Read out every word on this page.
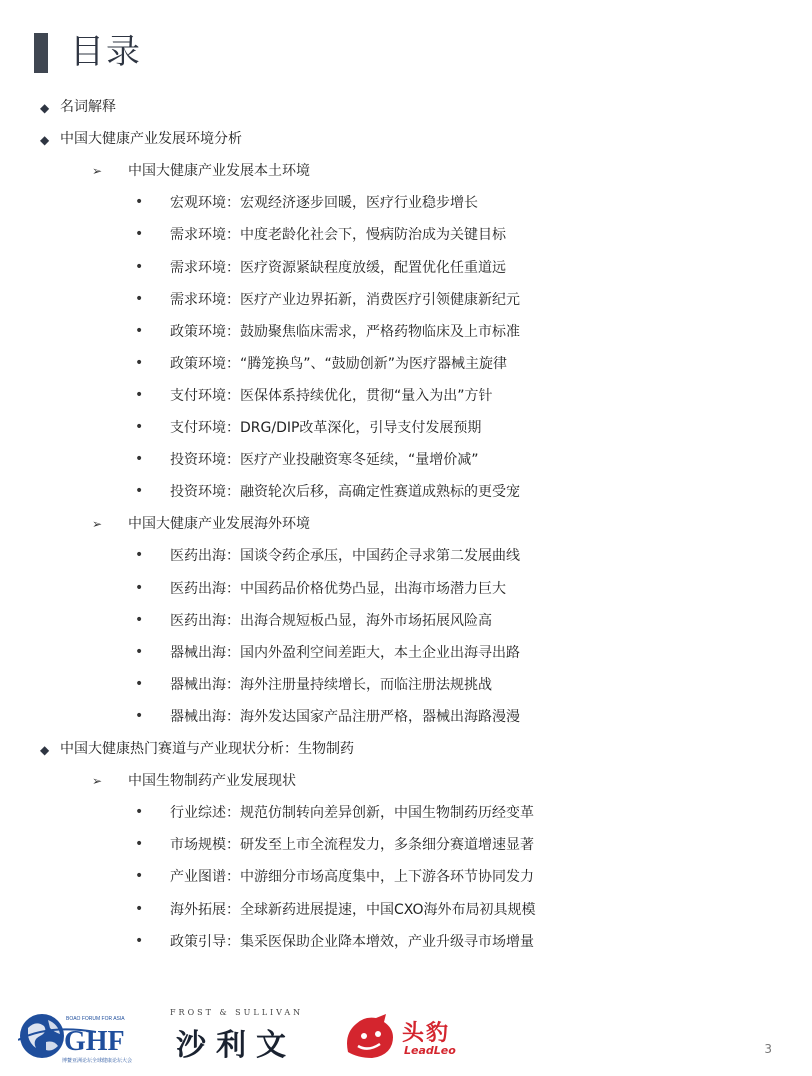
目录
◆ 名词解释
◆ 中国大健康产业发展环境分析
➢ 中国大健康产业发展本土环境
• 宏观环境：宏观经济逐步回暖，医疗行业稳步增长
• 需求环境：中度老龄化社会下，慢病防治成为关键目标
• 需求环境：医疗资源紧缺程度放缓，配置优化任重道远
• 需求环境：医疗产业边界拓新，消费医疗引领健康新纪元
• 政策环境：鼓励聚焦临床需求，严格药物临床及上市标准
• 政策环境：“腾笼换鸟”、“鼓励创新”为医疗器械主旋律
• 支付环境：医保体系持续优化，贯彻“量入为出”方针
• 支付环境：DRG/DIP改革深化，引导支付发展预期
• 投资环境：医疗产业投融资寒冬延续，“量增价减”
• 投资环境：融资轮次后移，高确定性赛道成熟标的更受宠
➢ 中国大健康产业发展海外环境
• 医药出海：国谈令药企承压，中国药企寻求第二发展曲线
• 医药出海：中国药品价格优势凸显，出海市场潜力巨大
• 医药出海：出海合规短板凸显，海外市场拓展风险高
• 器械出海：国内外盈利空间差距大，本土企业出海寻出路
• 器械出海：海外注册量持续增长，而临注册法规挑战
• 器械出海：海外发达国家产品注册严格，器械出海路漫漫
◆ 中国大健康热门赛道与产业现状分析：生物制药
➢ 中国生物制药产业发展现状
• 行业综述：规范仿制转向差异创新，中国生物制药历经变革
• 市场规模：研发至上市全流程发力，多条细分赛道增速显著
• 产业图谱：中游细分市场高度集中，上下游各环节协同发力
• 海外拓展：全球新药进展提速，中国CXO海外布局初具规模
• 政策引导：集采医保助企业降本增效，产业升级寻市场增量
BOAO FORUM FOR ASIA
GHF
博鳌亚洲论坛全球健康论坛大会
FROST & SULLIVAN
沙利文	头豹
LeadLeo	3
